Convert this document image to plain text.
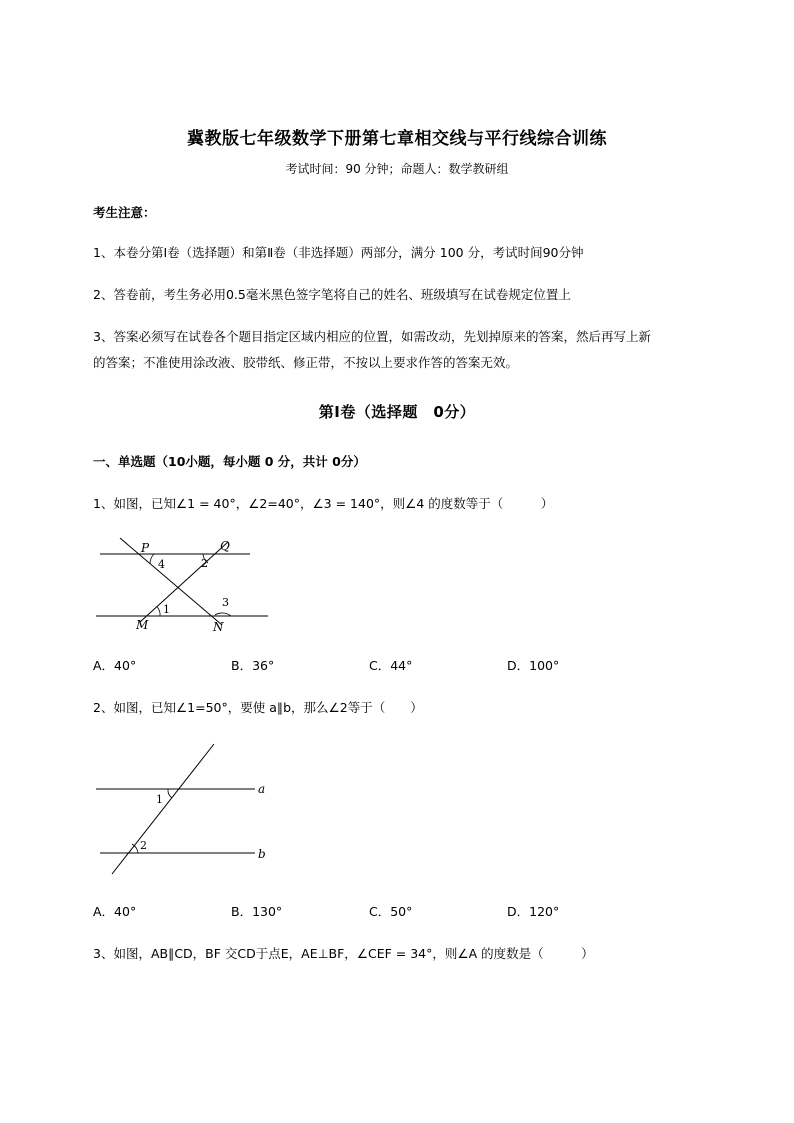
冀教版七年级数学下册第七章相交线与平行线综合训练
考试时间：90 分钟；命题人：数学教研组
考生注意：
1、本卷分第Ⅰ卷（选择题）和第Ⅱ卷（非选择题）两部分，满分 100 分，考试时间90分钟
2、答卷前，考生务必用0.5毫米黑色签字笔将自己的姓名、班级填写在试卷规定位置上
3、答案必须写在试卷各个题目指定区域内相应的位置，如需改动，先划掉原来的答案，然后再写上新
的答案；不准使用涂改液、胶带纸、修正带，不按以上要求作答的答案无效。
第Ⅰ卷（选择题　0分）
一、单选题（10小题，每小题 0 分，共计 0分）
1、如图，已知∠1 = 40°，∠2=40°，∠3 = 140°，则∠4 的度数等于（　　　）
P	Q
M	N
4	2
1
3
A．40°	B．36°	C．44°	D．100°
2、如图，已知∠1=50°，要使 a∥b，那么∠2等于（　　）
a
b
1
2
A．40°	B．130°	C．50°	D．120°
3、如图，AB∥CD，BF 交CD于点E，AE⊥BF，∠CEF = 34°，则∠A 的度数是（　　　）
